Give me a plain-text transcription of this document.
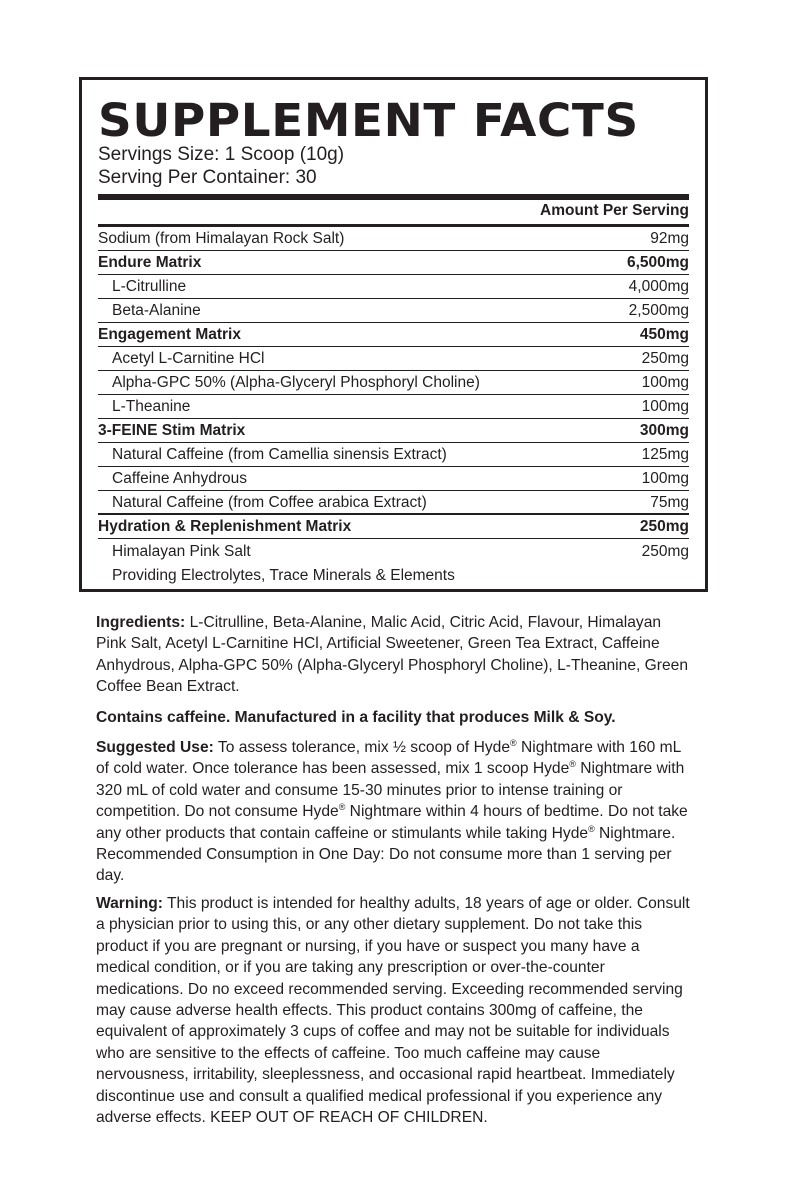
SUPPLEMENT FACTS
Servings Size: 1 Scoop (10g)
Serving Per Container: 30
Amount Per Serving
Sodium (from Himalayan Rock Salt)	92mg
Endure Matrix	6,500mg
L-Citrulline	4,000mg
Beta-Alanine	2,500mg
Engagement Matrix	450mg
Acetyl L-Carnitine HCl	250mg
Alpha-GPC 50% (Alpha-Glyceryl Phosphoryl Choline)	100mg
L-Theanine	100mg
3-FEINE Stim Matrix	300mg
Natural Caffeine (from Camellia sinensis Extract)	125mg
Caffeine Anhydrous	100mg
Natural Caffeine (from Coffee arabica Extract)	75mg
Hydration & Replenishment Matrix	250mg
Himalayan Pink Salt	250mg
Providing Electrolytes, Trace Minerals & Elements

Ingredients: L-Citrulline, Beta-Alanine, Malic Acid, Citric Acid, Flavour, Himalayan Pink Salt, Acetyl L-Carnitine HCl, Artificial Sweetener, Green Tea Extract, Caffeine Anhydrous, Alpha-GPC 50% (Alpha-Glyceryl Phosphoryl Choline), L-Theanine, Green Coffee Bean Extract.

Contains caffeine. Manufactured in a facility that produces Milk & Soy.

Suggested Use: To assess tolerance, mix ½ scoop of Hyde® Nightmare with 160 mL of cold water. Once tolerance has been assessed, mix 1 scoop Hyde® Nightmare with 320 mL of cold water and consume 15-30 minutes prior to intense training or competition. Do not consume Hyde® Nightmare within 4 hours of bedtime. Do not take any other products that contain caffeine or stimulants while taking Hyde® Nightmare. Recommended Consumption in One Day: Do not consume more than 1 serving per day.

Warning: This product is intended for healthy adults, 18 years of age or older. Consult a physician prior to using this, or any other dietary supplement. Do not take this product if you are pregnant or nursing, if you have or suspect you many have a medical condition, or if you are taking any prescription or over-the-counter medications. Do no exceed recommended serving. Exceeding recommended serving may cause adverse health effects. This product contains 300mg of caffeine, the equivalent of approximately 3 cups of coffee and may not be suitable for individuals who are sensitive to the effects of caffeine. Too much caffeine may cause nervousness, irritability, sleeplessness, and occasional rapid heartbeat. Immediately discontinue use and consult a qualified medical professional if you experience any adverse effects. KEEP OUT OF REACH OF CHILDREN.
